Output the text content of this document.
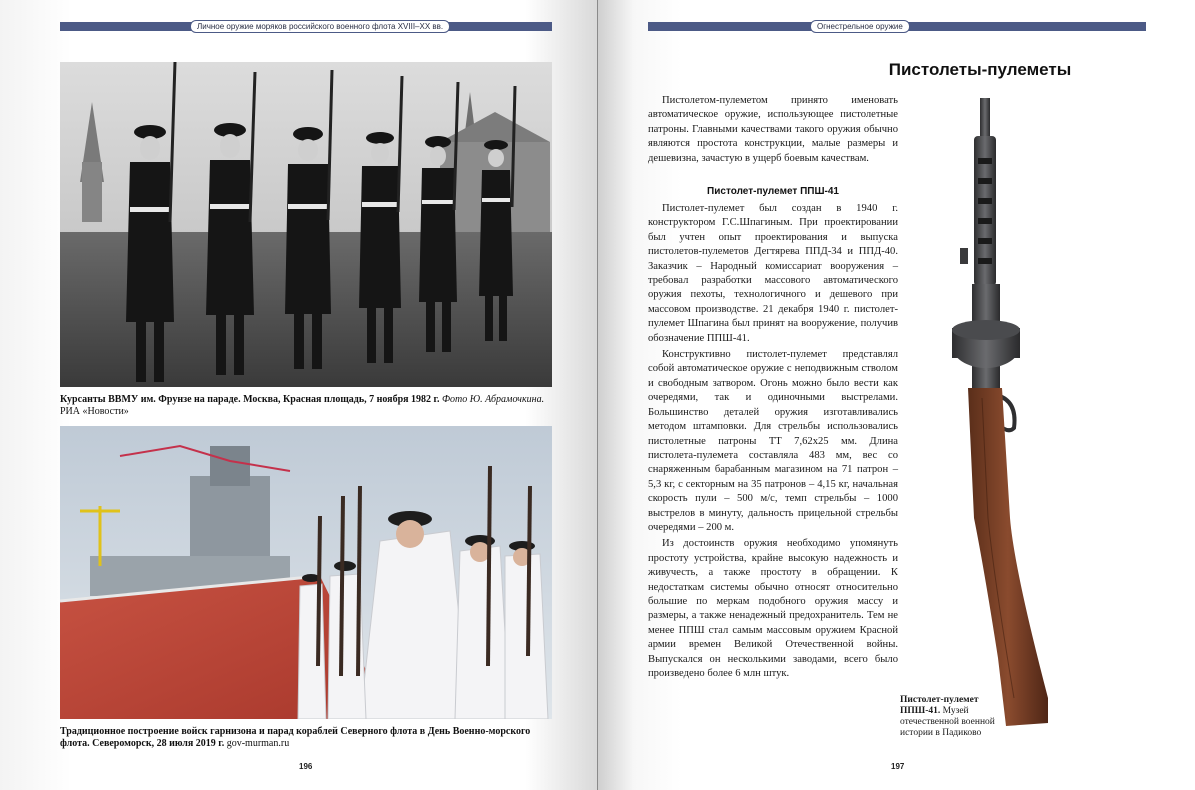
Личное оружие моряков российского военного флота XVIII–XX вв.
Курсанты ВВМУ им. Фрунзе на параде. Москва, Красная площадь, 7 ноября 1982 г. Фото Ю. Абрамочкина.
РИА «Новости»
Традиционное построение войск гарнизона и парад кораблей Северного флота в День Военно-морского флота. Североморск, 28 июля 2019 г. gov-murman.ru
196
Огнестрельное оружие
Пистолеты-пулеметы

Пистолетом-пулеметом принято именовать автоматическое оружие, использующее пистолетные патроны. Главными качествами такого оружия обычно являются простота конструкции, малые размеры и дешевизна, зачастую в ущерб боевым качествам.

Пистолет-пулемет ППШ-41

Пистолет-пулемет был создан в 1940 г. конструктором Г.С.Шпагиным. При проектировании был учтен опыт проектирования и выпуска пистолетов-пулеметов Дегтярева ППД-34 и ППД-40. Заказчик – Народный комиссариат вооружения – требовал разработки массового автоматического оружия пехоты, технологичного и дешевого при массовом производстве. 21 декабря 1940 г. пистолет-пулемет Шпагина был принят на вооружение, получив обозначение ППШ-41.

Конструктивно пистолет-пулемет представлял собой автоматическое оружие с неподвижным стволом и свободным затвором. Огонь можно было вести как очередями, так и одиночными выстрелами. Большинство деталей оружия изготавливались методом штамповки. Для стрельбы использовались пистолетные патроны ТТ 7,62х25 мм. Длина пистолета-пулемета составляла 483 мм, вес со снаряженным барабанным магазином на 71 патрон – 5,3 кг, с секторным на 35 патронов – 4,15 кг, начальная скорость пули – 500 м/с, темп стрельбы – 1000 выстрелов в минуту, дальность прицельной стрельбы очередями – 200 м.

Из достоинств оружия необходимо упомянуть простоту устройства, крайне высокую надежность и живучесть, а также простоту в обращении. К недостаткам системы обычно относят относительно большие по меркам подобного оружия массу и размеры, а также ненадежный предохранитель. Тем не менее ППШ стал самым массовым оружием Красной армии времен Великой Отечественной войны. Выпускался он несколькими заводами, всего было произведено более 6 млн штук.

Пистолет-пулемет ППШ-41. Музей отечественной военной истории в Падиково
197
